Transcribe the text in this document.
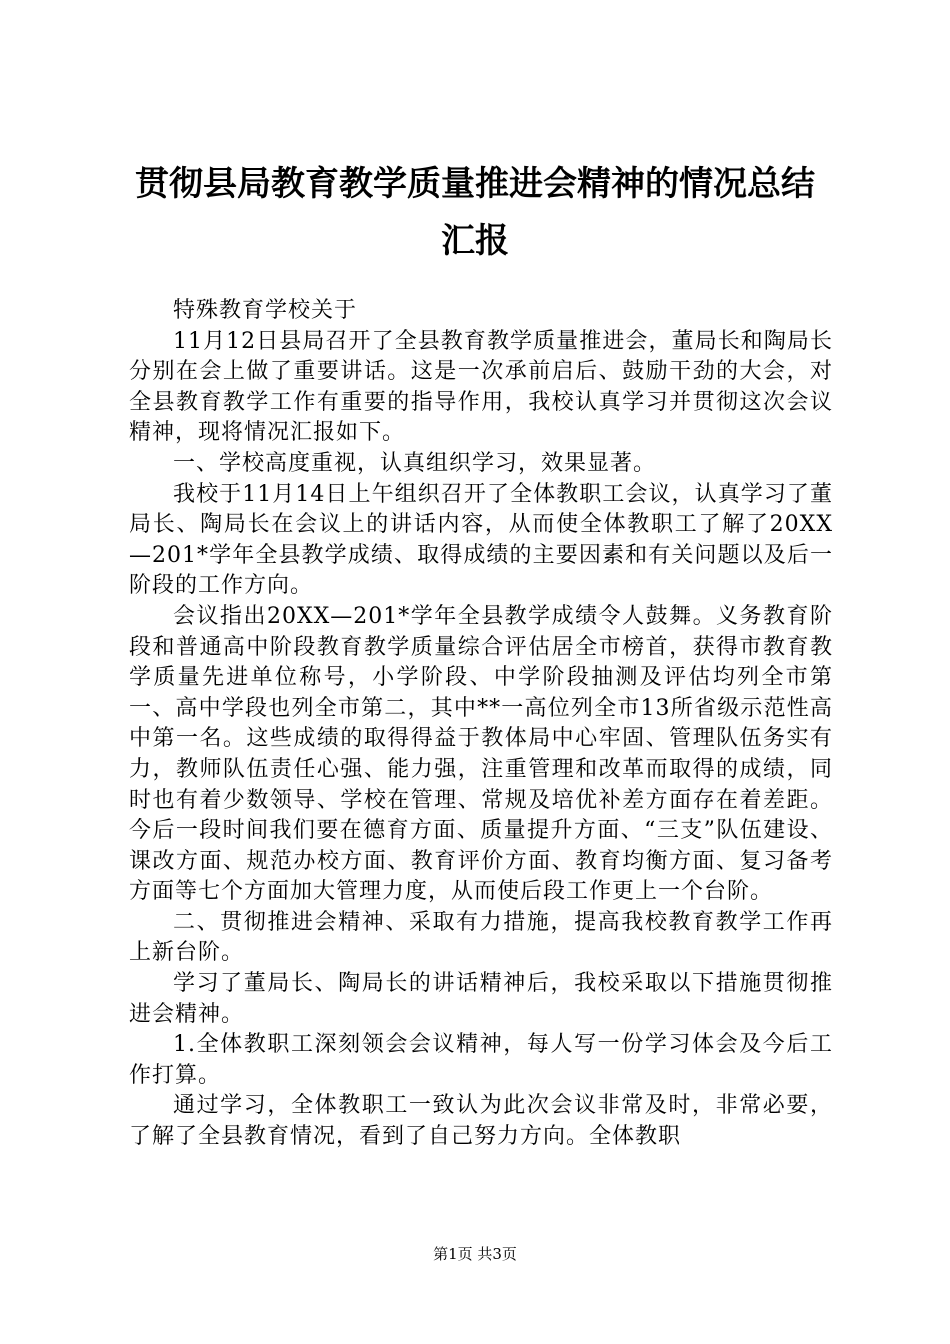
贯彻县局教育教学质量推进会精神的情况总结
汇报

特殊教育学校关于

11月12日县局召开了全县教育教学质量推进会，董局长和陶局长分别在会上做了重要讲话。这是一次承前启后、鼓励干劲的大会，对全县教育教学工作有重要的指导作用，我校认真学习并贯彻这次会议精神，现将情况汇报如下。

一、学校高度重视，认真组织学习，效果显著。

我校于11月14日上午组织召开了全体教职工会议，认真学习了董局长、陶局长在会议上的讲话内容，从而使全体教职工了解了20XX—201*学年全县教学成绩、取得成绩的主要因素和有关问题以及后一阶段的工作方向。

会议指出20XX—201*学年全县教学成绩令人鼓舞。义务教育阶段和普通高中阶段教育教学质量综合评估居全市榜首，获得市教育教学质量先进单位称号，小学阶段、中学阶段抽测及评估均列全市第一、高中学段也列全市第二，其中**一高位列全市13所省级示范性高中第一名。这些成绩的取得得益于教体局中心牢固、管理队伍务实有力，教师队伍责任心强、能力强，注重管理和改革而取得的成绩，同时也有着少数领导、学校在管理、常规及培优补差方面存在着差距。今后一段时间我们要在德育方面、质量提升方面、“三支”队伍建设、课改方面、规范办校方面、教育评价方面、教育均衡方面、复习备考方面等七个方面加大管理力度，从而使后段工作更上一个台阶。

二、贯彻推进会精神、采取有力措施，提高我校教育教学工作再上新台阶。

学习了董局长、陶局长的讲话精神后，我校采取以下措施贯彻推进会精神。

1.全体教职工深刻领会会议精神，每人写一份学习体会及今后工作打算。

通过学习，全体教职工一致认为此次会议非常及时，非常必要，了解了全县教育情况，看到了自己努力方向。全体教职

第1页 共3页
